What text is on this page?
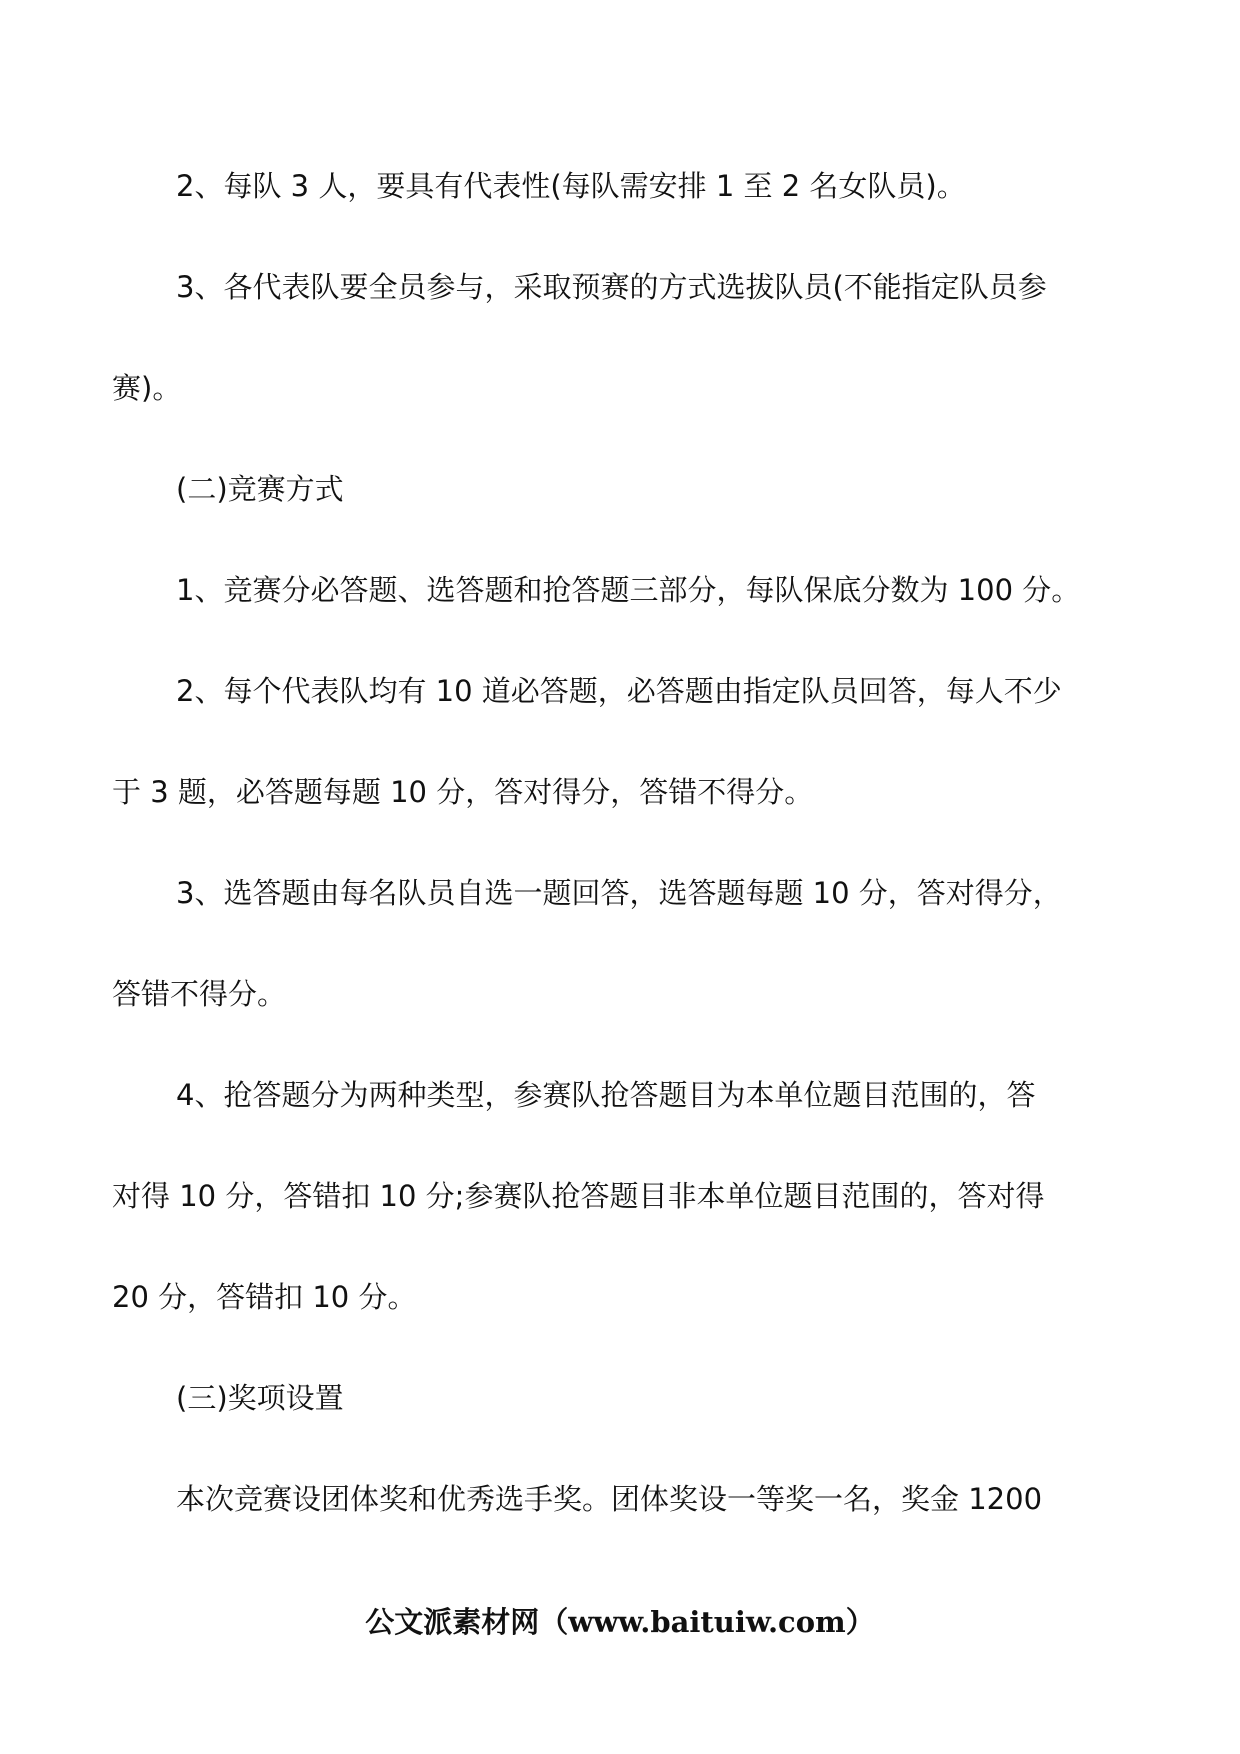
2、每队 3 人，要具有代表性(每队需安排 1 至 2 名女队员)。
3、各代表队要全员参与，采取预赛的方式选拔队员(不能指定队员参
赛)。
(二)竞赛方式
1、竞赛分必答题、选答题和抢答题三部分，每队保底分数为 100 分。
2、每个代表队均有 10 道必答题，必答题由指定队员回答，每人不少
于 3 题，必答题每题 10 分，答对得分，答错不得分。
3、选答题由每名队员自选一题回答，选答题每题 10 分，答对得分，
答错不得分。
4、抢答题分为两种类型，参赛队抢答题目为本单位题目范围的，答
对得 10 分，答错扣 10 分;参赛队抢答题目非本单位题目范围的，答对得
20 分，答错扣 10 分。
(三)奖项设置
本次竞赛设团体奖和优秀选手奖。团体奖设一等奖一名，奖金 1200
公文派素材网（www.baituiw.com）
